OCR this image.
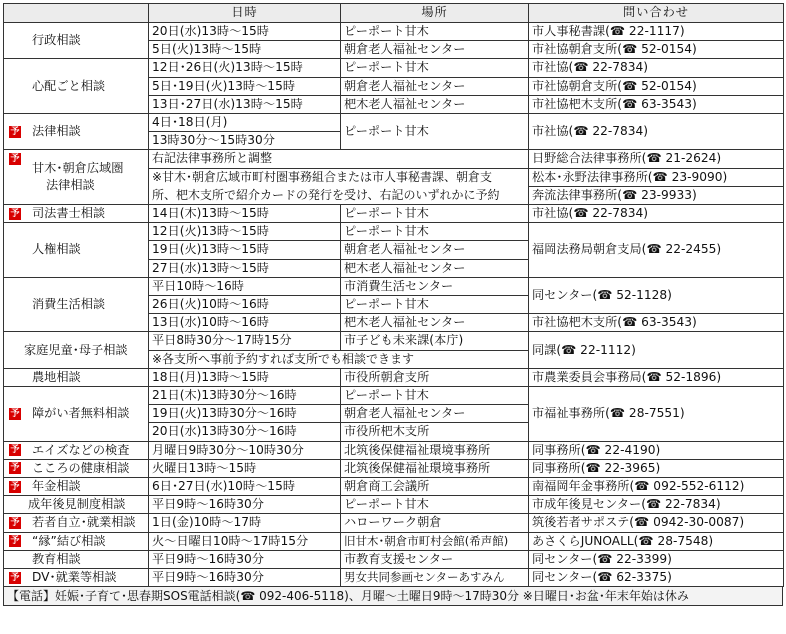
	日時	場所	問い合わせ
行政相談	20日(水)13時～15時	ピーポート甘木	市人事秘書課(☎ 22-1117)
	5日(火)13時～15時	朝倉老人福祉センター	市社協朝倉支所(☎ 52-0154)
心配ごと相談	12日･26日(火)13時～15時	ピーポート甘木	市社協(☎ 22-7834)
	5日･19日(火)13時～15時	朝倉老人福祉センター	市社協朝倉支所(☎ 52-0154)
	13日･27日(水)13時～15時	杷木老人福祉センター	市社協杷木支所(☎ 63-3543)

予 法律相談	4日･18日(月)	ピーポート甘木	市社協(☎ 22-7834)
	13時30分～15時30分		

予
甘木･朝倉広域圏
法律相談	右記法律事務所と調整		日野総合法律事務所(☎ 21-2624)
	※甘木･朝倉広域市町村圏事務組合または市人事秘書課、朝倉支		松本･永野法律事務所(☎ 23-9090)
	所、杷木支所で紹介カードの発行を受け、右記のいずれかに予約		奔流法律事務所(☎ 23-9933)

予 司法書士相談	14日(木)13時～15時	ピーポート甘木	市社協(☎ 22-7834)
人権相談	12日(火)13時～15時	ピーポート甘木	福岡法務局朝倉支局(☎ 22-2455)
	19日(火)13時～15時	朝倉老人福祉センター	
	27日(水)13時～15時	杷木老人福祉センター	
消費生活相談	平日10時～16時	市消費生活センター	同センター(☎ 52-1128)
	26日(火)10時～16時	ピーポート甘木	
	13日(水)10時～16時	杷木老人福祉センター	市社協杷木支所(☎ 63-3543)
家庭児童･母子相談	平日8時30分～17時15分	市子ども未来課(本庁)	同課(☎ 22-1112)
	※各支所へ事前予約すれば支所でも相談できます		
農地相談	18日(月)13時～15時	市役所朝倉支所	市農業委員会事務局(☎ 52-1896)

予 障がい者無料相談	21日(木)13時30分～16時	ピーポート甘木	市福祉事務所(☎ 28-7551)
	19日(火)13時30分～16時	朝倉老人福祉センター	
	20日(水)13時30分～16時	市役所杷木支所	

予 エイズなどの検査	月曜日9時30分～10時30分	北筑後保健福祉環境事務所	同事務所(☎ 22-4190)

予 こころの健康相談	火曜日13時～15時	北筑後保健福祉環境事務所	同事務所(☎ 22-3965)

予 年金相談	6日･27日(水)10時～15時	朝倉商工会議所	南福岡年金事務所(☎ 092-552-6112)
成年後見制度相談	平日9時～16時30分	ピーポート甘木	市成年後見センター(☎ 22-7834)

予 若者自立･就業相談	1日(金)10時～17時	ハローワーク朝倉	筑後若者サポステ(☎ 0942-30-0087)

予 “縁”結び相談	火～日曜日10時～17時15分	旧甘木･朝倉市町村会館(希声館)	あさくらJUNOALL(☎ 28-7548)
教育相談	平日9時～16時30分	市教育支援センター	同センター(☎ 22-3399)

予 DV･就業等相談	平日9時～16時30分	男女共同参画センターあすみん	同センター(☎ 62-3375)
【電話】妊娠･子育て･思春期SOS電話相談(☎ 092-406-5118)、月曜～土曜日9時～17時30分 ※日曜日･お盆･年末年始は休み
